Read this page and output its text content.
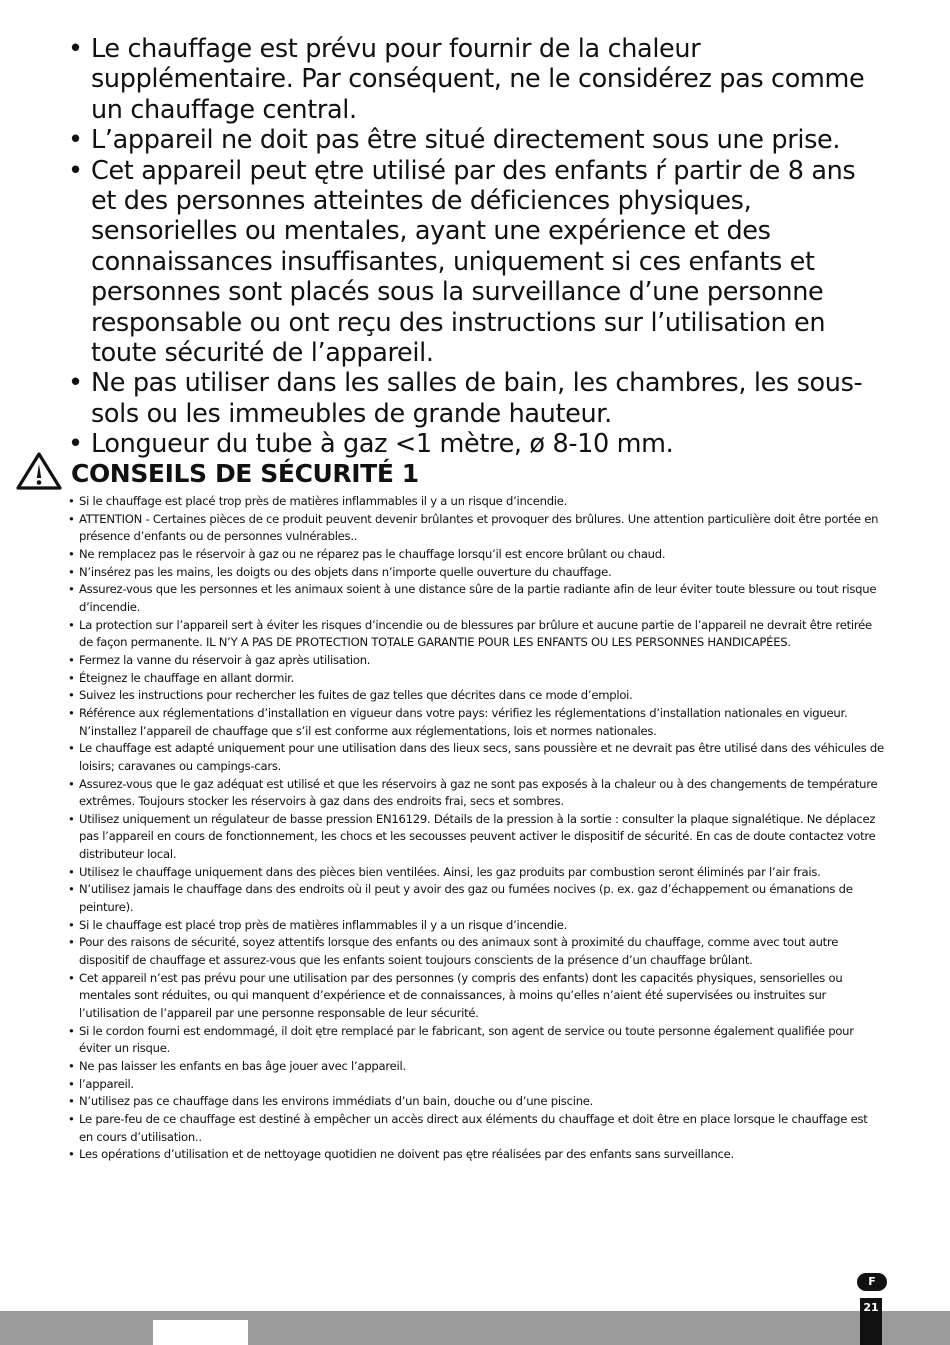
• Le chauffage est prévu pour fournir de la chaleur supplémentaire. Par conséquent, ne le considérez pas comme un chauffage central.
• L’appareil ne doit pas être situé directement sous une prise.
• Cet appareil peut ętre utilisé par des enfants ŕ partir de 8 ans et des personnes atteintes de déficiences physiques, sensorielles ou mentales, ayant une expérience et des connaissances insuffisantes, uniquement si ces enfants et personnes sont placés sous la surveillance d’une personne responsable ou ont reçu des instructions sur l’utilisation en toute sécurité de l’appareil.
• Ne pas utiliser dans les salles de bain, les chambres, les sous-sols ou les immeubles de grande hauteur.
• Longueur du tube à gaz <1 mètre, ø 8-10 mm.
CONSEILS DE SÉCURITÉ 1
• Si le chauffage est placé trop près de matières inflammables il y a un risque d’incendie.
• ATTENTION - Certaines pièces de ce produit peuvent devenir brûlantes et provoquer des brûlures. Une attention particulière doit être portée en présence d’enfants ou de personnes vulnérables..
• Ne remplacez pas le réservoir à gaz ou ne réparez pas le chauffage lorsqu’il est encore brûlant ou chaud.
• N’insérez pas les mains, les doigts ou des objets dans n’importe quelle ouverture du chauffage.
• Assurez-vous que les personnes et les animaux soient à une distance sûre de la partie radiante afin de leur éviter toute blessure ou tout risque d’incendie.
• La protection sur l’appareil sert à éviter les risques d’incendie ou de blessures par brûlure et aucune partie de l’appareil ne devrait être retirée de façon permanente. IL N’Y A PAS DE PROTECTION TOTALE GARANTIE POUR LES ENFANTS OU LES PERSONNES HANDICAPÉES.
• Fermez la vanne du réservoir à gaz après utilisation.
• Éteignez le chauffage en allant dormir.
• Suivez les instructions pour rechercher les fuites de gaz telles que décrites dans ce mode d’emploi.
• Référence aux réglementations d’installation en vigueur dans votre pays: vérifiez les réglementations d’installation nationales en vigueur. N’installez l’appareil de chauffage que s’il est conforme aux réglementations, lois et normes nationales.
• Le chauffage est adapté uniquement pour une utilisation dans des lieux secs, sans poussière et ne devrait pas être utilisé dans des véhicules de loisirs; caravanes ou campings-cars.
• Assurez-vous que le gaz adéquat est utilisé et que les réservoirs à gaz ne sont pas exposés à la chaleur ou à des changements de température extrêmes. Toujours stocker les réservoirs à gaz dans des endroits frai, secs et sombres.
• Utilisez uniquement un régulateur de basse pression EN16129. Détails de la pression à la sortie : consulter la plaque signalétique. Ne déplacez pas l’appareil en cours de fonctionnement, les chocs et les secousses peuvent activer le dispositif de sécurité. En cas de doute contactez votre distributeur local.
• Utilisez le chauffage uniquement dans des pièces bien ventilées. Ainsi, les gaz produits par combustion seront éliminés par l’air frais.
• N’utilisez jamais le chauffage dans des endroits où il peut y avoir des gaz ou fumées nocives (p. ex. gaz d’échappement ou émanations de peinture).
• Si le chauffage est placé trop près de matières inflammables il y a un risque d’incendie.
• Pour des raisons de sécurité, soyez attentifs lorsque des enfants ou des animaux sont à proximité du chauffage, comme avec tout autre dispositif de chauffage et assurez-vous que les enfants soient toujours conscients de la présence d’un chauffage brûlant.
• Cet appareil n’est pas prévu pour une utilisation par des personnes (y compris des enfants) dont les capacités physiques, sensorielles ou mentales sont réduites, ou qui manquent d’expérience et de connaissances, à moins qu’elles n’aient été supervisées ou instruites sur l’utilisation de l’appareil par une personne responsable de leur sécurité.
• Si le cordon fourni est endommagé, il doit ętre remplacé par le fabricant, son agent de service ou toute personne également qualifiée pour éviter un risque.
• Ne pas laisser les enfants en bas âge jouer avec l’appareil.
• l’appareil.
• N’utilisez pas ce chauffage dans les environs immédiats d’un bain, douche ou d’une piscine.
• Le pare-feu de ce chauffage est destiné à empêcher un accès direct aux éléments du chauffage et doit être en place lorsque le chauffage est en cours d’utilisation..
• Les opérations d’utilisation et de nettoyage quotidien ne doivent pas ętre réalisées par des enfants sans surveillance.
F
21
